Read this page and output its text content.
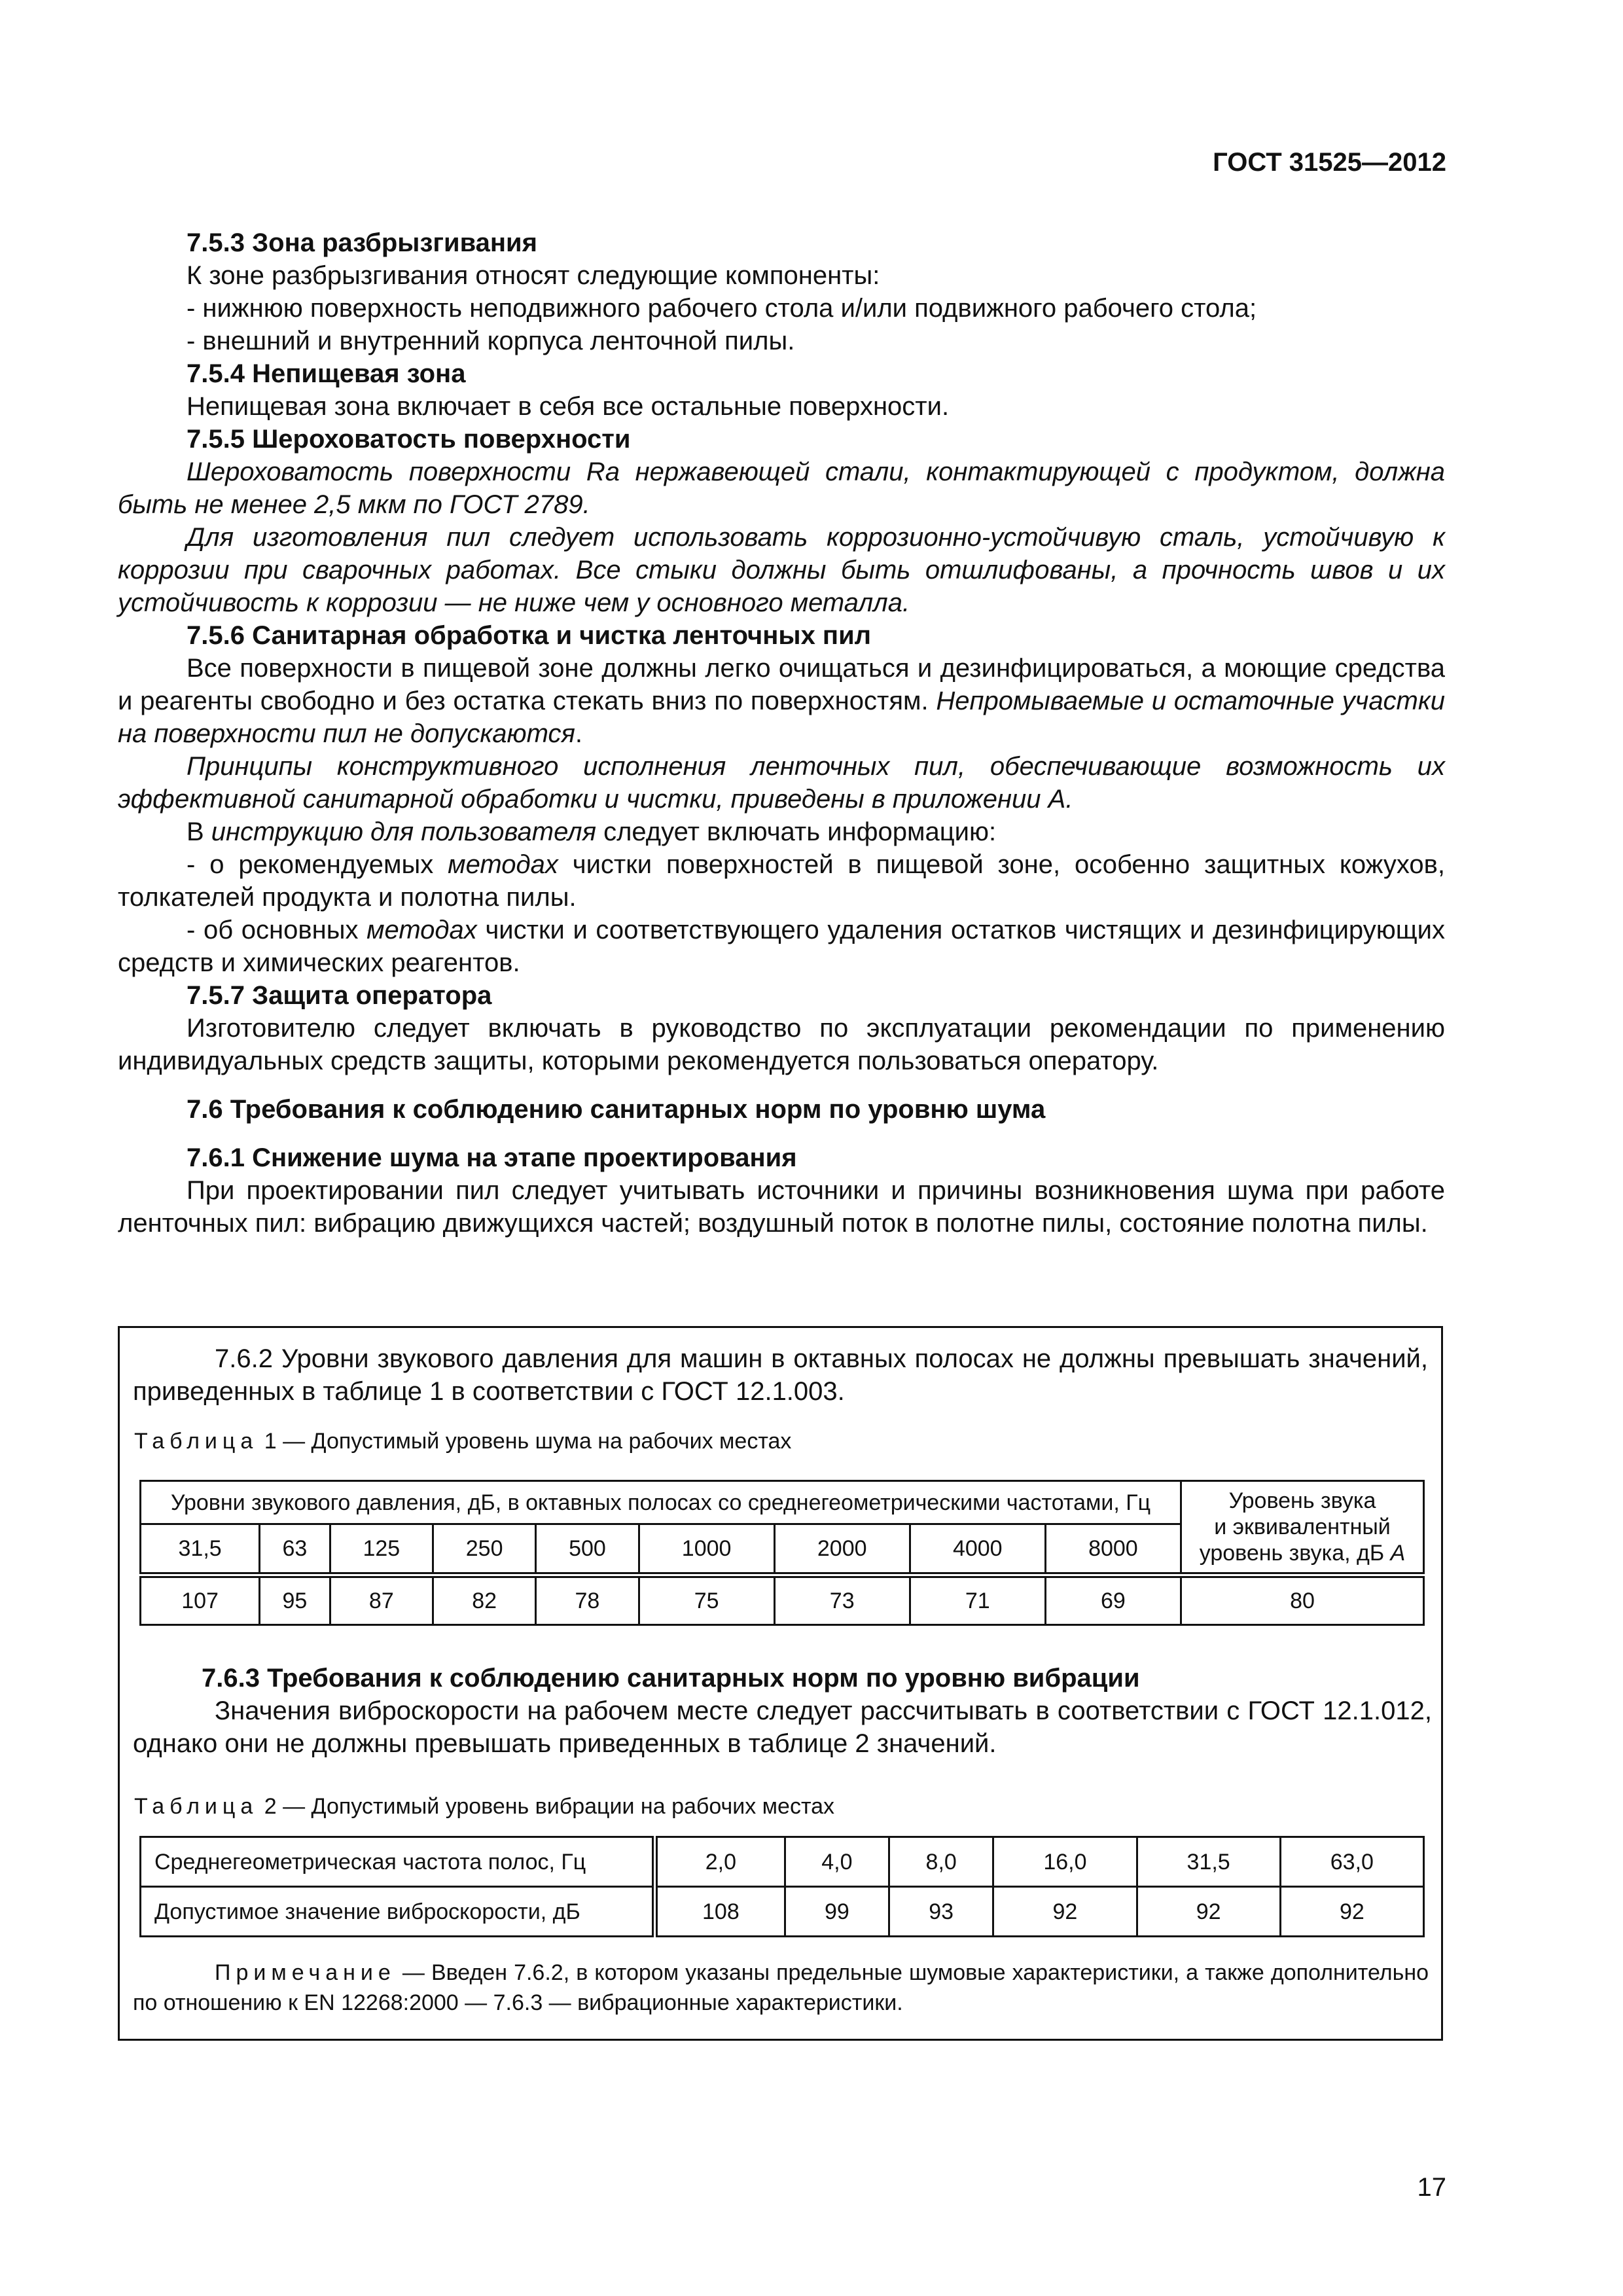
ГОСТ 31525—2012

7.5.3 Зона разбрызгивания

К зоне разбрызгивания относят следующие компоненты:

- нижнюю поверхность неподвижного рабочего стола и/или подвижного рабочего стола;

- внешний и внутренний корпуса ленточной пилы.

7.5.4 Непищевая зона

Непищевая зона включает в себя все остальные поверхности.

7.5.5 Шероховатость поверхности

Шероховатость поверхности Ra нержавеющей стали, контактирующей с продуктом, должна быть не менее 2,5 мкм по ГОСТ 2789.

Для изготовления пил следует использовать коррозионно-устойчивую сталь, устойчивую к коррозии при сварочных работах. Все стыки должны быть отшлифованы, а прочность швов и их устойчивость к коррозии — не ниже чем у основного металла.

7.5.6 Санитарная обработка и чистка ленточных пил

Все поверхности в пищевой зоне должны легко очищаться и дезинфицироваться, а моющие средства и реагенты свободно и без остатка стекать вниз по поверхностям. Непромываемые и остаточные участки на поверхности пил не допускаются.

Принципы конструктивного исполнения ленточных пил, обеспечивающие возможность их эффективной санитарной обработки и чистки, приведены в приложении А.

В инструкцию для пользователя следует включать информацию:

- о рекомендуемых методах чистки поверхностей в пищевой зоне, особенно защитных кожухов, толкателей продукта и полотна пилы.

- об основных методах чистки и соответствующего удаления остатков чистящих и дезинфицирующих средств и химических реагентов.

7.5.7 Защита оператора

Изготовителю следует включать в руководство по эксплуатации рекомендации по применению индивидуальных средств защиты, которыми рекомендуется пользоваться оператору.

7.6 Требования к соблюдению санитарных норм по уровню шума

7.6.1 Снижение шума на этапе проектирования

При проектировании пил следует учитывать источники и причины возникновения шума при работе ленточных пил: вибрацию движущихся частей; воздушный поток в полотне пилы, состояние полотна пилы.

7.6.2 Уровни звукового давления для машин в октавных полосах не должны превышать значений, приведенных в таблице 1 в соответствии с ГОСТ 12.1.003.

Таблица 1 — Допустимый уровень шума на рабочих местах

Уровни звукового давления, дБ, в октавных полосах со среднегеометрическими частотами, Гц									Уровень звука
и эквивалентный
уровень звука, дБ А

31,5	63	125	250	500	1000	2000	4000	8000	
107	95	87	82	78	75	73	71	69	80

7.6.3 Требования к соблюдению санитарных норм по уровню вибрации

Значения виброскорости на рабочем месте следует рассчитывать в соответствии с ГОСТ 12.1.012, однако они не должны превышать приведенных в таблице 2 значений.

Таблица 2 — Допустимый уровень вибрации на рабочих местах

Среднегеометрическая частота полос, Гц	2,0	4,0	8,0	16,0	31,5	63,0
Допустимое значение виброскорости, дБ	108	99	93	92	92	92

Примечание — Введен 7.6.2, в котором указаны предельные шумовые характеристики, а также дополнительно по отношению к EN 12268:2000 — 7.6.3 — вибрационные характеристики.

17
